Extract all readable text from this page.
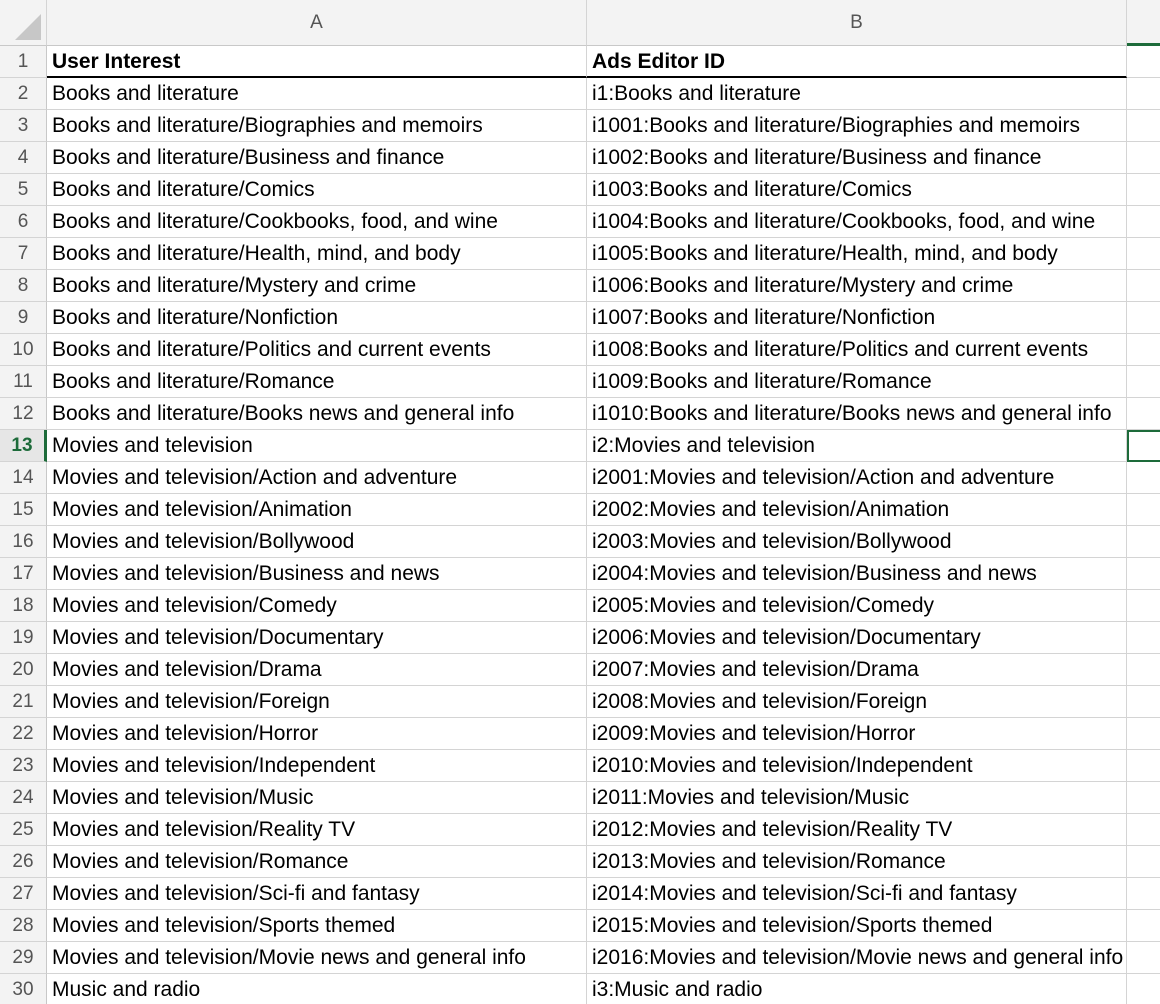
A	B
1	User Interest	Ads Editor ID
2	Books and literature	i1:Books and literature
3	Books and literature/Biographies and memoirs	i1001:Books and literature/Biographies and memoirs
4	Books and literature/Business and finance	i1002:Books and literature/Business and finance
5	Books and literature/Comics	i1003:Books and literature/Comics
6	Books and literature/Cookbooks, food, and wine	i1004:Books and literature/Cookbooks, food, and wine
7	Books and literature/Health, mind, and body	i1005:Books and literature/Health, mind, and body
8	Books and literature/Mystery and crime	i1006:Books and literature/Mystery and crime
9	Books and literature/Nonfiction	i1007:Books and literature/Nonfiction
10 Books and literature/Politics and current events	i1008:Books and literature/Politics and current events
11 Books and literature/Romance	i1009:Books and literature/Romance
12 Books and literature/Books news and general info	i1010:Books and literature/Books news and general info
13 Movies and television	i2:Movies and television
14 Movies and television/Action and adventure	i2001:Movies and television/Action and adventure
15 Movies and television/Animation	i2002:Movies and television/Animation
16 Movies and television/Bollywood	i2003:Movies and television/Bollywood
17 Movies and television/Business and news	i2004:Movies and television/Business and news
18 Movies and television/Comedy	i2005:Movies and television/Comedy
19 Movies and television/Documentary	i2006:Movies and television/Documentary
20 Movies and television/Drama	i2007:Movies and television/Drama
21 Movies and television/Foreign	i2008:Movies and television/Foreign
22 Movies and television/Horror	i2009:Movies and television/Horror
23 Movies and television/Independent	i2010:Movies and television/Independent
24 Movies and television/Music	i2011:Movies and television/Music
25 Movies and television/Reality TV	i2012:Movies and television/Reality TV
26 Movies and television/Romance	i2013:Movies and television/Romance
27 Movies and television/Sci-fi and fantasy	i2014:Movies and television/Sci-fi and fantasy
28 Movies and television/Sports themed	i2015:Movies and television/Sports themed
29 Movies and television/Movie news and general info	i2016:Movies and television/Movie news and general info
30 Music and radio	i3:Music and radio
